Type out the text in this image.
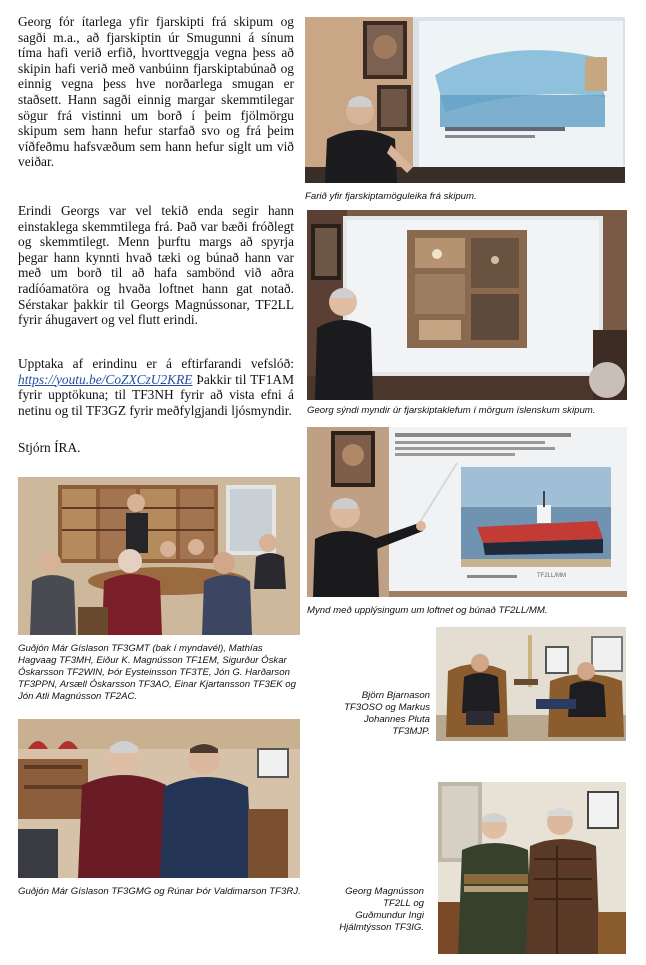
Georg fór ítarlega yfir fjarskipti frá skipum og sagði m.a., að fjarskiptin úr Smugunni á sínum tíma hafi verið erfið, hvorttveggja vegna þess að skipin hafi verið með vanbúinn fjarskiptabúnað og einnig vegna þess hve norðarlega smugan er staðsett. Hann sagði einnig margar skemmtilegar sögur frá vistinni um borð í þeim fjölmörgu skipum sem hann hefur starfað svo og frá þeim víðfeðmu hafsvæðum sem hann hefur siglt um við veiðar.

Erindi Georgs var vel tekið enda segir hann einstaklega skemmtilega frá. Það var bæði fróðlegt og skemmtilegt. Menn þurftu margs að spyrja þegar hann kynnti hvað tæki og búnað hann var með um borð til að hafa sambönd við aðra radíóamatöra og hvaða loftnet hann gat notað. Sérstakar þakkir til Georgs Magnússonar, TF2LL fyrir áhugavert og vel flutt erindi.

Upptaka af erindinu er á eftirfarandi vefslóð: https://youtu.be/CoZXCzU2KRE Þakkir til TF1AM fyrir upptökuna; til TF3NH fyrir að vista efni á netinu og til TF3GZ fyrir meðfylgjandi ljósmyndir.

Stjórn ÍRA.

Farið yfir fjarskiptamöguleika frá skipum.

Georg sýndi myndir úr fjarskiptaklefum í mörgum íslenskum skipum.

TF2LL/MM

Mynd með upplýsingum um loftnet og búnað TF2LL/MM.

Guðjón Már Gíslason TF3GMT (bak í myndavél), Mathías Hagvaag TF3MH, Eiður K. Magnússon TF1EM, Sigurður Óskar Óskarsson TF2WIN, Þór Eysteinsson TF3TE, Jón G. Harðarson TF3PPN, Arsæll Óskarsson TF3AO, Einar Kjartansson TF3EK og Jón Atli Magnússon TF2AC.	Björn Bjarnason TF3OSO og Markus Johannes Pluta TF3MJP.

Guðjón Már Gíslason TF3GMG og Rúnar Þór Valdimarson TF3RJ.	Georg Magnússon TF2LL og Guðmundur Ingi Hjálmtýsson TF3IG.
